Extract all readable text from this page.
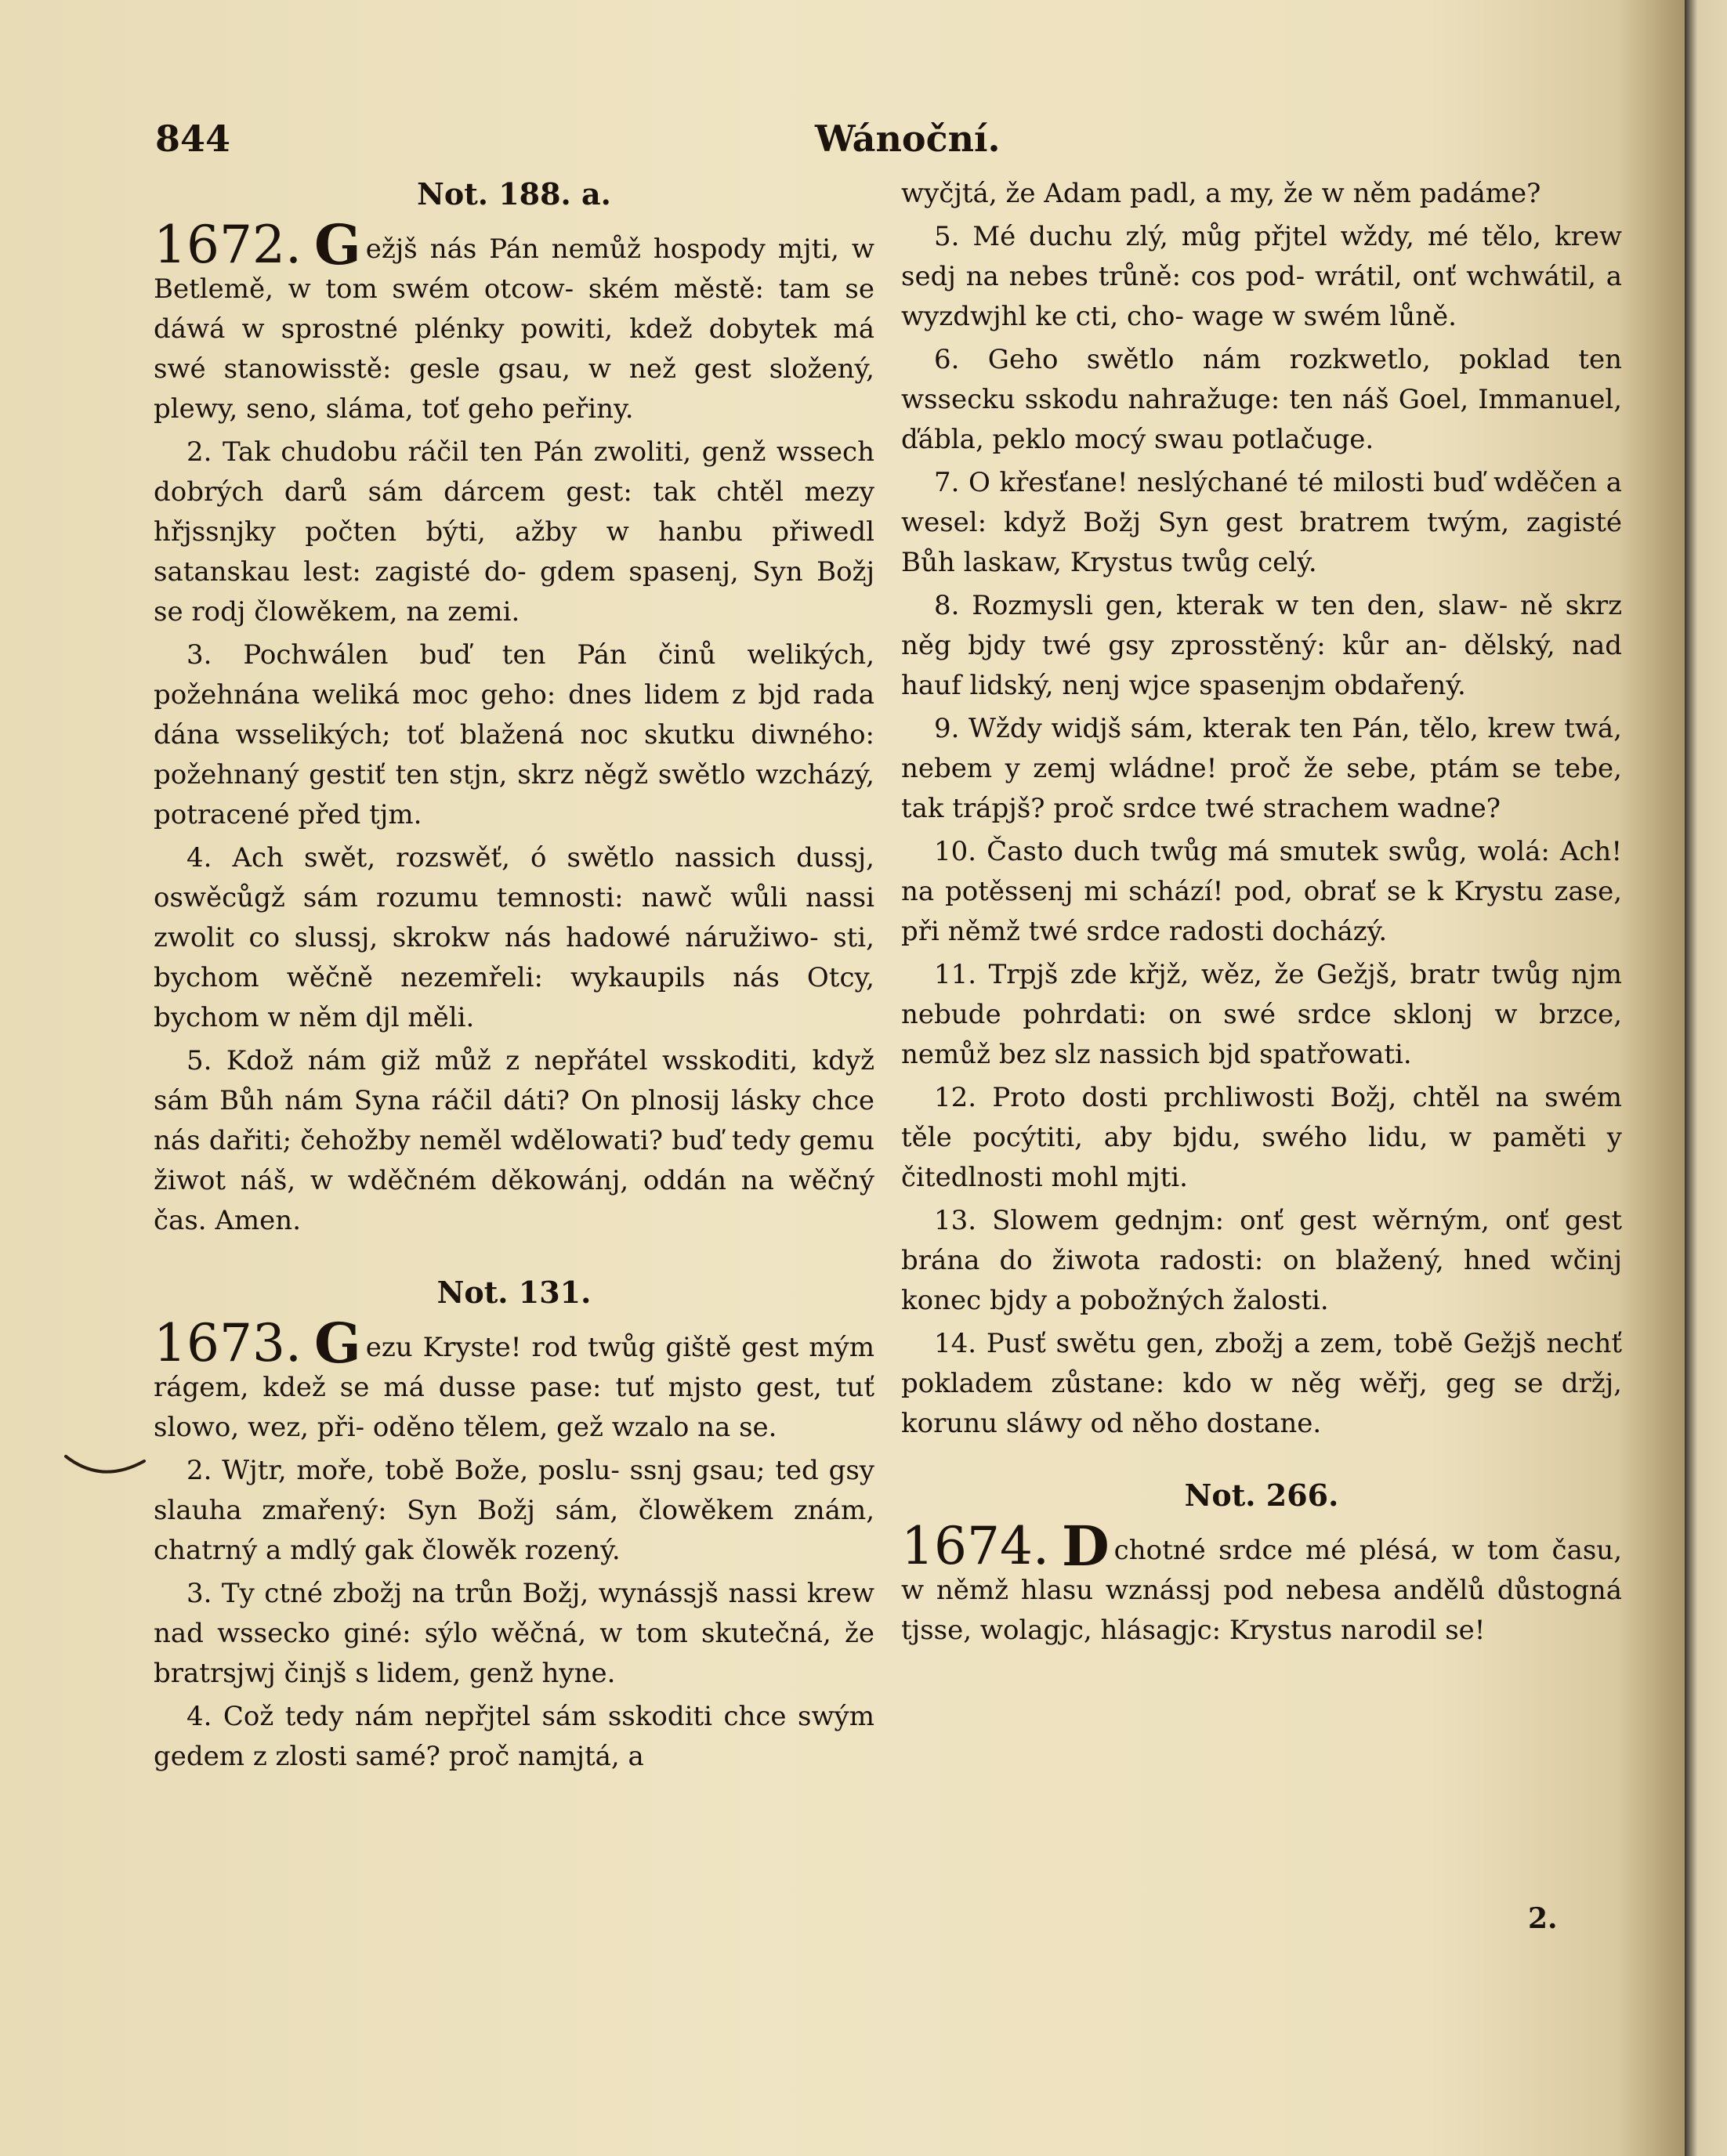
844	Wánoční.
Not. 188. a.

1672. G ežjš nás Pán nemůž hospody mjti, w Betlemě, w tom swém otcow- ském městě: tam se dáwá w sprostné plénky powiti, kdež dobytek má swé stanowisstě: gesle gsau, w než gest složený, plewy, seno, sláma, toť geho peřiny.

2. Tak chudobu ráčil ten Pán zwoliti, genž wssech dobrých darů sám dárcem gest: tak chtěl mezy hřjssnjky počten býti, ažby w hanbu přiwedl satanskau lest: zagisté do- gdem spasenj, Syn Božj se rodj člowěkem, na zemi.

3. Pochwálen buď ten Pán činů welikých, požehnána weliká moc geho: dnes lidem z bjd rada dána wsselikých; toť blažená noc skutku diwného: požehnaný gestiť ten stjn, skrz něgž swětlo wzcházý, potracené před tjm.

4. Ach swět, rozswěť, ó swětlo nassich dussj, oswěcůgž sám rozumu temnosti: nawč wůli nassi zwolit co slussj, skrokw nás hadowé náružiwo- sti, bychom wěčně nezemřeli: wykaupils nás Otcy, bychom w něm djl měli.

5. Kdož nám giž můž z nepřátel wsskoditi, když sám Bůh nám Syna ráčil dáti? On plnosij lásky chce nás dařiti; čehožby neměl wdělowati? buď tedy gemu žiwot náš, w wděčném děkowánj, oddán na wěčný čas. Amen.

Not. 131.

1673. G ezu Kryste! rod twůg giště gest mým rágem, kdež se má dusse pase: tuť mjsto gest, tuť slowo, wez, při- oděno tělem, gež wzalo na se.

2. Wjtr, moře, tobě Bože, poslu- ssnj gsau; ted gsy slauha zmařený: Syn Božj sám, člowěkem znám, chatrný a mdlý gak člowěk rozený.

3. Ty ctné zbožj na trůn Božj, wynássjš nassi krew nad wssecko giné: sýlo wěčná, w tom skutečná, že bratrsjwj činjš s lidem, genž hyne.

4. Což tedy nám nepřjtel sám sskoditi chce swým gedem z zlosti samé? proč namjtá, a

wyčjtá, že Adam padl, a my, že w něm padáme?

5. Mé duchu zlý, můg přjtel wždy, mé tělo, krew sedj na nebes trůně: cos pod- wrátil, onť wchwátil, a wyzdwjhl ke cti, cho- wage w swém lůně.

6. Geho swětlo nám rozkwetlo, poklad ten wssecku sskodu nahražuge: ten náš Goel, Immanuel, ďábla, peklo mocý swau potlačuge.

7. O křesťane! neslýchané té milosti buď wděčen a wesel: když Božj Syn gest bratrem twým, zagisté Bůh laskaw, Krystus twůg celý.

8. Rozmysli gen, kterak w ten den, slaw- ně skrz něg bjdy twé gsy zprosstěný: kůr an- dělský, nad hauf lidský, nenj wjce spasenjm obdařený.

9. Wždy widjš sám, kterak ten Pán, tělo, krew twá, nebem y zemj wládne! proč že sebe, ptám se tebe, tak trápjš? proč srdce twé strachem wadne?

10. Často duch twůg má smutek swůg, wolá: Ach! na potěssenj mi schází! pod, obrať se k Krystu zase, při němž twé srdce radosti docházý.

11. Trpjš zde křjž, wěz, že Gežjš, bratr twůg njm nebude pohrdati: on swé srdce sklonj w brzce, nemůž bez slz nassich bjd spatřowati.

12. Proto dosti prchliwosti Božj, chtěl na swém těle pocýtiti, aby bjdu, swého lidu, w paměti y čitedlnosti mohl mjti.

13. Slowem gednjm: onť gest wěrným, onť gest brána do žiwota radosti: on blažený, hned wčinj konec bjdy a pobožných žalosti.

14. Pusť swětu gen, zbožj a zem, tobě Gežjš nechť pokladem zůstane: kdo w něg wěřj, geg se držj, korunu sláwy od něho dostane.

Not. 266.

1674. D chotné srdce mé plésá, w tom času, w němž hlasu wznássj pod nebesa andělů důstogná tjsse, wolagjc, hlásagjc: Krystus narodil se!

2.
